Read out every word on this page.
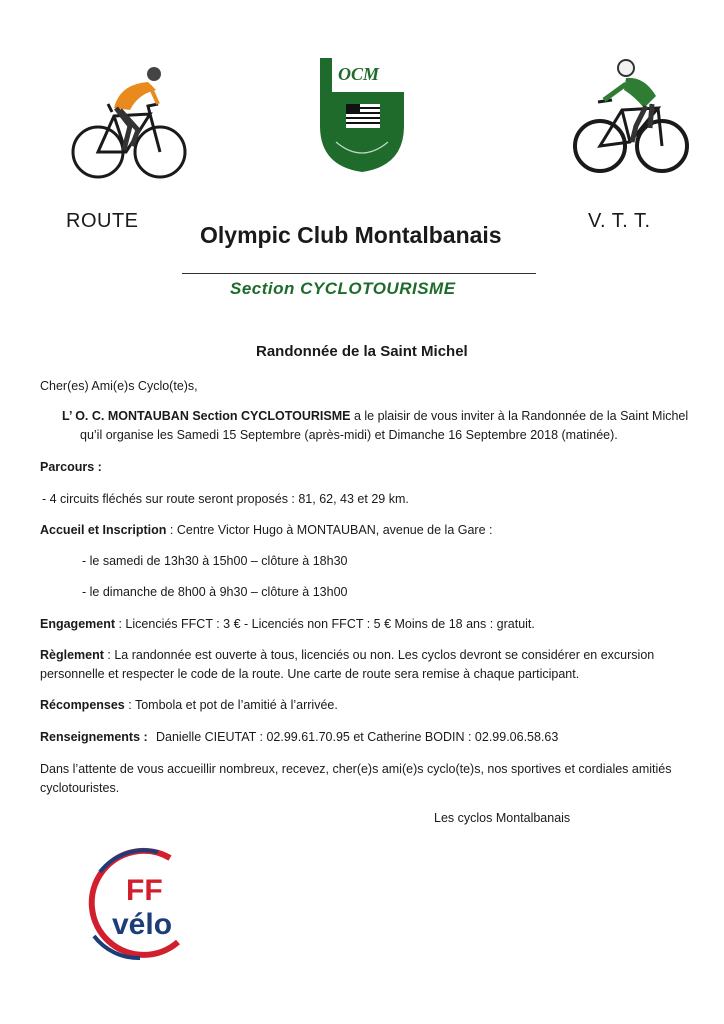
OCM
ROUTE	V. T. T.
Olympic Club Montalbanais
Section CYCLOTOURISME
Randonnée de la Saint Michel
Cher(es) Ami(e)s Cyclo(te)s,
L’ O. C. MONTAUBAN Section CYCLOTOURISME a le plaisir de vous inviter à la Randonnée de la Saint Michel
qu’il organise les Samedi 15 Septembre (après-midi) et Dimanche 16 Septembre 2018 (matinée).
Parcours :
- 4 circuits fléchés sur route seront proposés : 81, 62, 43 et 29 km.
Accueil et Inscription : Centre Victor Hugo à MONTAUBAN, avenue de la Gare :
- le samedi de 13h30 à 15h00 – clôture à 18h30
- le dimanche de 8h00 à 9h30 – clôture à 13h00
Engagement : Licenciés FFCT : 3 € - Licenciés non FFCT : 5 € Moins de 18 ans : gratuit.
Règlement : La randonnée est ouverte à tous, licenciés ou non. Les cyclos devront se considérer en excursion
personnelle et respecter le code de la route. Une carte de route sera remise à chaque participant.
Récompenses : Tombola et pot de l’amitié à l’arrivée.
Renseignements : Danielle CIEUTAT : 02.99.61.70.95 et Catherine BODIN : 02.99.06.58.63
Dans l’attente de vous accueillir nombreux, recevez, cher(e)s ami(e)s cyclo(te)s, nos sportives et cordiales amitiés
cyclotouristes.
Les cyclos Montalbanais
FF
vélo
